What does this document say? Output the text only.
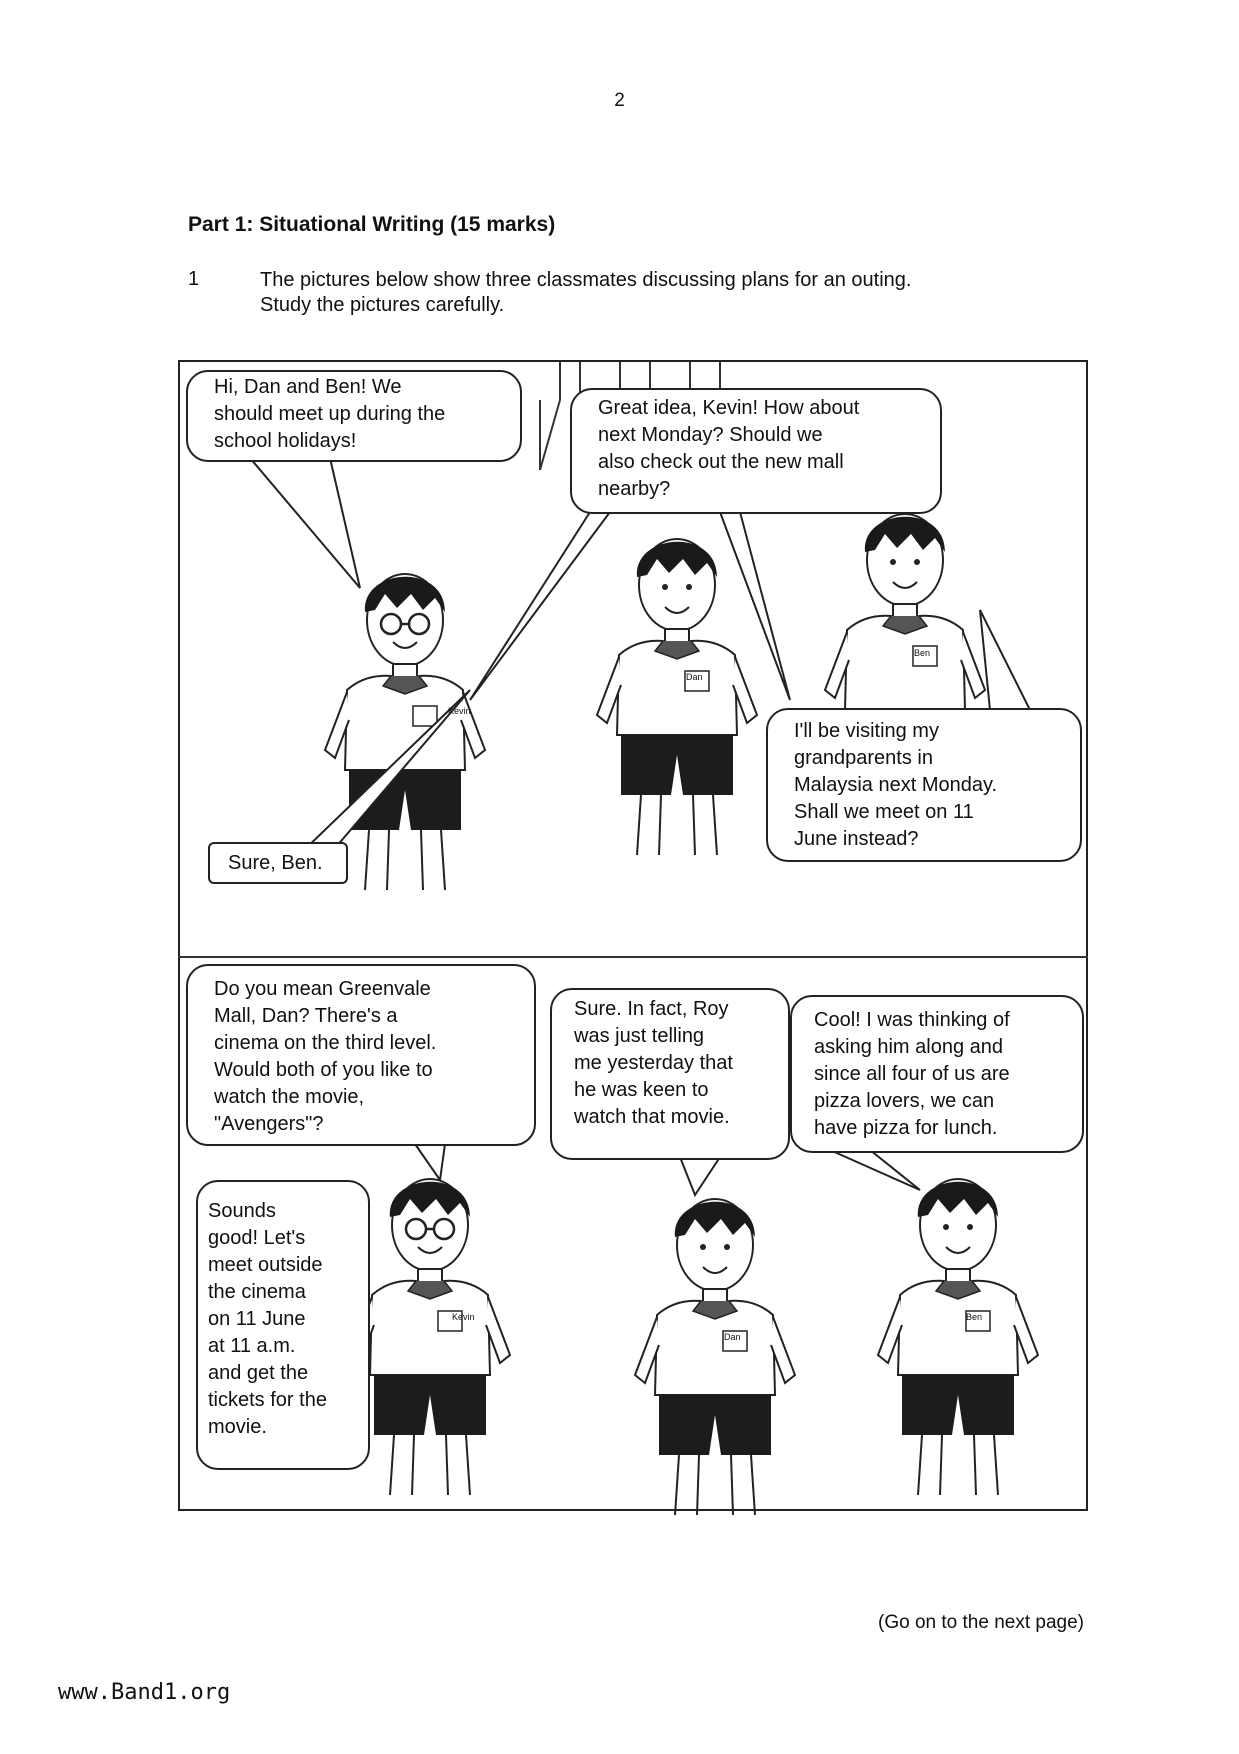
2
Part 1: Situational Writing (15 marks)
1	The pictures below show three classmates discussing plans for an outing.
Study the pictures carefully.
Hi, Dan and Ben! We
should meet up during the
school holidays!
Great idea, Kevin! How about
next Monday? Should we
also check out the new mall
nearby?
I'll be visiting my
grandparents in
Malaysia next Monday.
Shall we meet on 11
June instead?
Sure, Ben.
Do you mean Greenvale
Mall, Dan? There's a
cinema on the third level.
Would both of you like to
watch the movie,
"Avengers"?
Sure. In fact, Roy
was just telling
me yesterday that
he was keen to
watch that movie.
Cool! I was thinking of
asking him along and
since all four of us are
pizza lovers, we can
have pizza for lunch.
Sounds
good! Let's
meet outside
the cinema
on 11 June
at 11 a.m.
and get the
tickets for the
movie.
Kevin
Dan
Ben
Kevin
Dan
Ben
(Go on to the next page)
www.Band1.org
